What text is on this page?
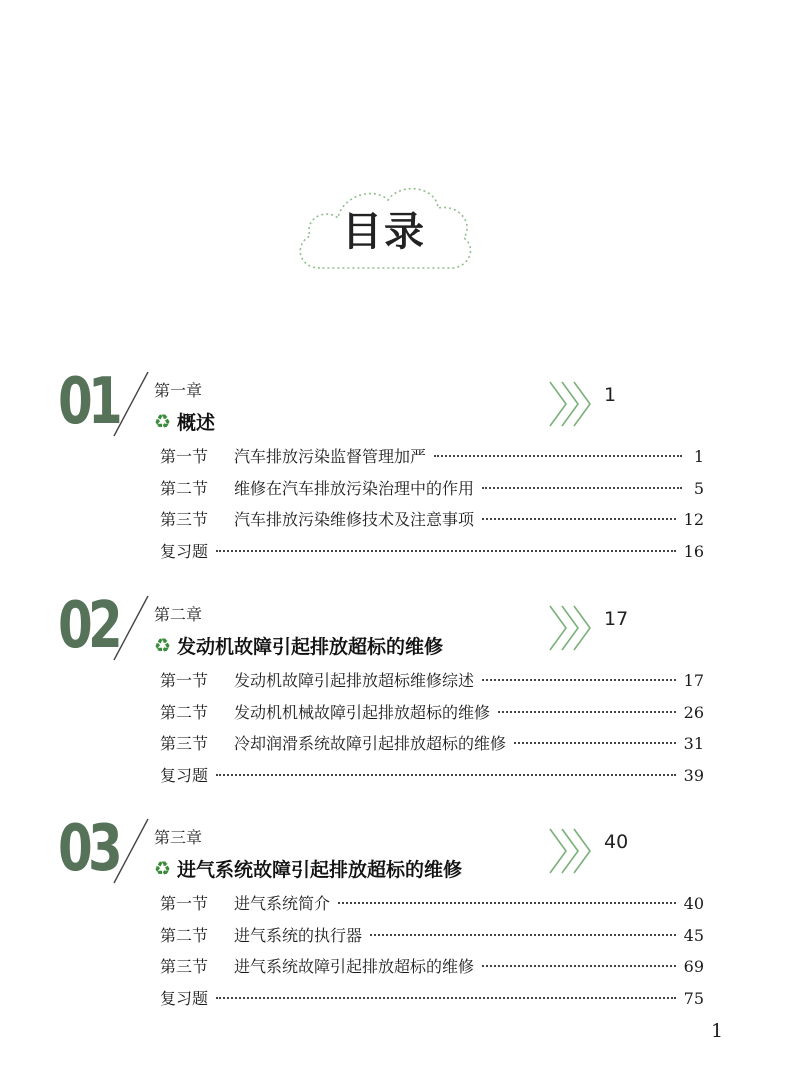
目录
01 第一章
♻ 概述
1
第一节	汽车排放污染监督管理加严	1
第二节	维修在汽车排放污染治理中的作用	5
第三节	汽车排放污染维修技术及注意事项	12
复习题	16
02 第二章
♻ 发动机故障引起排放超标的维修
17
第一节	发动机故障引起排放超标维修综述	17
第二节	发动机机械故障引起排放超标的维修	26
第三节	冷却润滑系统故障引起排放超标的维修	31
复习题	39
03 第三章
♻ 进气系统故障引起排放超标的维修
40
第一节	进气系统简介	40
第二节	进气系统的执行器	45
第三节	进气系统故障引起排放超标的维修	69
复习题	75
1
